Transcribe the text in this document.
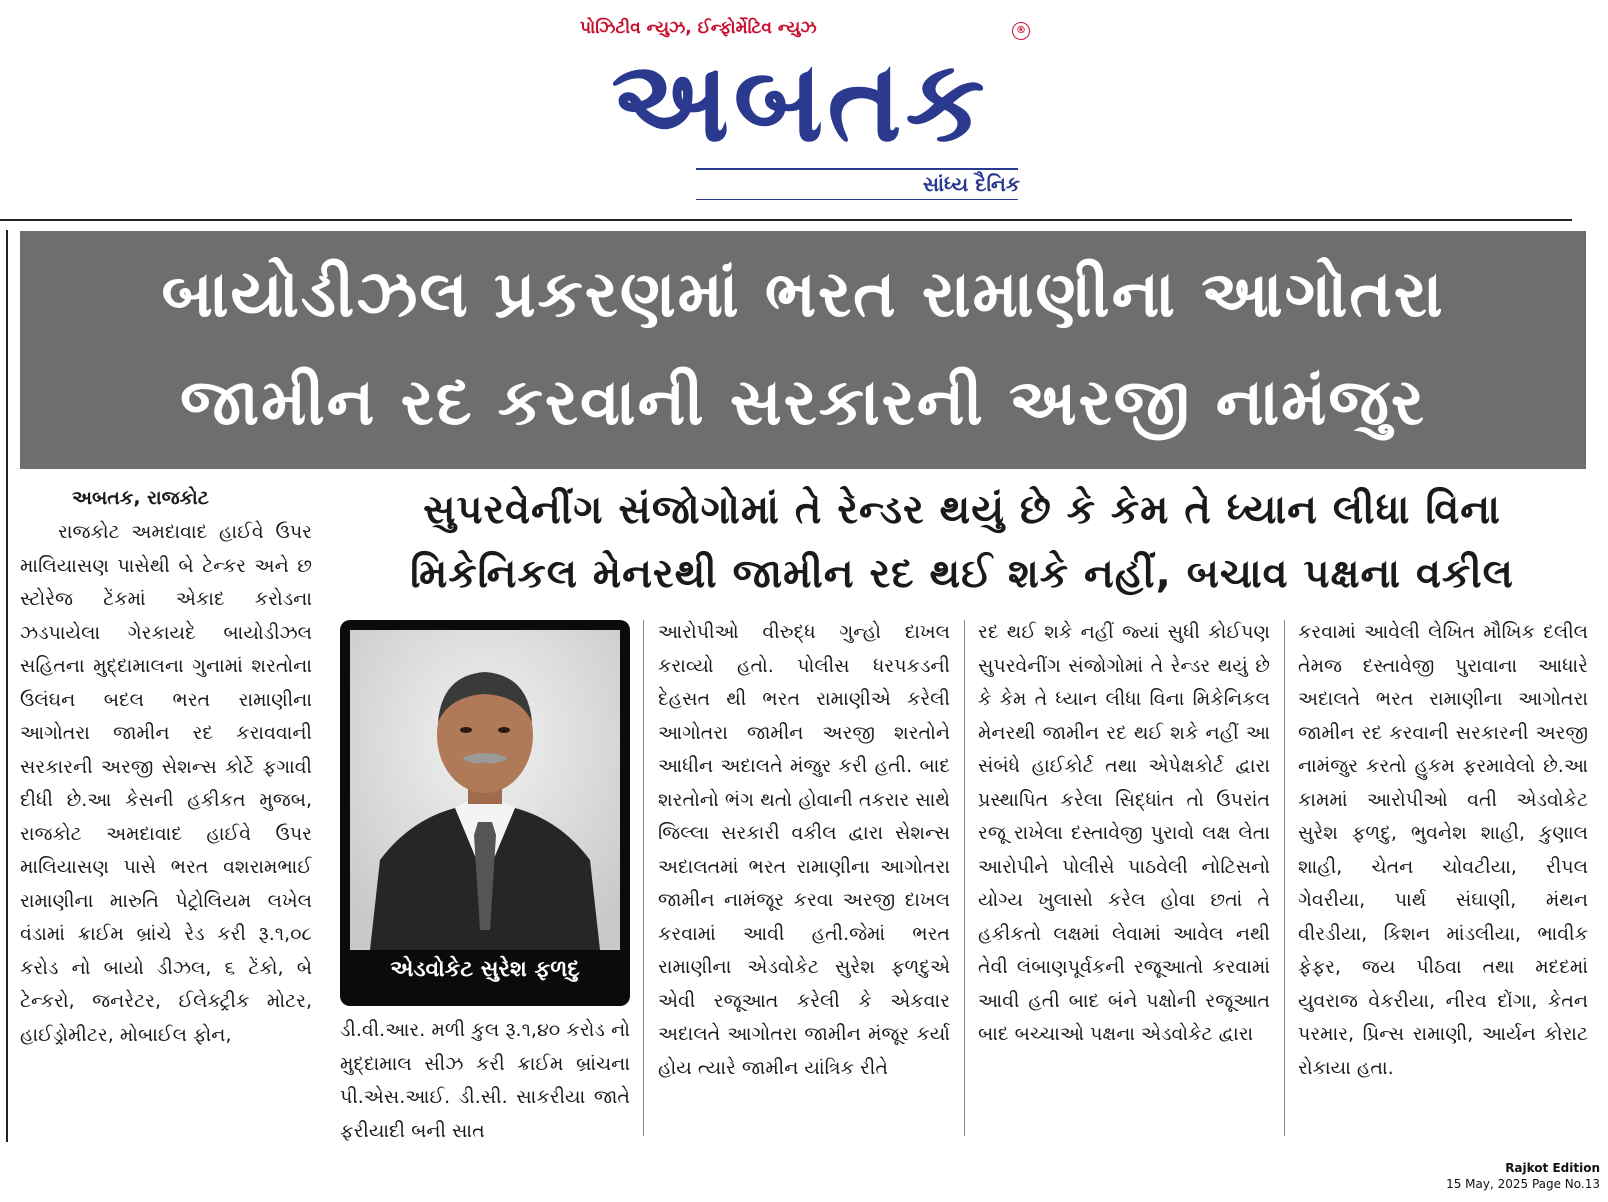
પોઝિટીવ ન્યુઝ, ઈન્ફોર્મેટિવ ન્યુઝ	®
અબતક
સાંધ્ય દૈનિક
બાયોડીઝલ પ્રકરણમાં ભરત રામાણીના આગોતરા
જામીન રદ કરવાની સરકારની અરજી નામંજુર
અબતક, રાજકોટ	સુપરવેનીંગ સંજોગોમાં તે રેન્ડર થયું છે કે કેમ તે ધ્યાન લીધા વિના
મિકેનિકલ મેનરથી જામીન રદ થઈ શકે નહીં, બચાવ પક્ષના વકીલ

રાજકોટ અમદાવાદ હાઈવે ઉપર માલિયાસણ પાસેથી બે ટેન્કર અને છ સ્ટોરેજ ટેંકમાં એકાદ કરોડના ઝડપાયેલા ગેરકાયદે બાયોડીઝલ સહિતના મુદ્દામાલના ગુનામાં શરતોના ઉલંઘન બદલ ભરત રામાણીના આગોતરા જામીન રદ કરાવવાની સરકારની અરજી સેશન્સ કોર્ટે ફગાવી દીધી છે.આ કેસની હકીકત મુજબ, રાજકોટ અમદાવાદ હાઈવે ઉપર માલિયાસણ પાસે ભરત વશરામભાઈ રામાણીના મારુતિ પેટ્રોલિયમ લખેલ વંડામાં ક્રાઈમ બ્રાંચે રેડ કરી રૂ.૧,૦૮ કરોડ નો બાયો ડીઝલ, ૬ ટેંકો, બે ટેન્કરો, જનરેટર, ઈલેક્ટ્રીક મોટર, હાઈડ્રોમીટર, મોબાઈલ ફોન,

એડવોકેટ સુરેશ ફળદુ

ડી.વી.આર. મળી કુલ રૂ.૧,૪૦ કરોડ નો મુદ્દામાલ સીઝ કરી ક્રાઈમ બ્રાંચના પી.એસ.આઈ. ડી.સી. સાકરીયા જાતે ફરીયાદી બની સાત

આરોપીઓ વીરુદ્ધ ગુન્હો દાખલ કરાવ્યો હતો. પોલીસ ધરપકડની દેહસત થી ભરત રામાણીએ કરેલી આગોતરા જામીન અરજી શરતોને આધીન અદાલતે મંજુર કરી હતી. બાદ શરતોનો ભંગ થતો હોવાની તકરાર સાથે જિલ્લા સરકારી વકીલ દ્વારા સેશન્સ અદાલતમાં ભરત રામાણીના આગોતરા જામીન નામંજૂર કરવા અરજી દાખલ કરવામાં આવી હતી.જેમાં ભરત રામાણીના એડવોકેટ સુરેશ ફળદુએ એવી રજૂઆત કરેલી કે એકવાર અદાલતે આગોતરા જામીન મંજૂર કર્યા હોય ત્યારે જામીન યાંત્રિક રીતે

રદ થઈ શકે નહીં જ્યાં સુધી કોઈપણ સુપરવેનીંગ સંજોગોમાં તે રેન્ડર થયું છે કે કેમ તે ધ્યાન લીધા વિના મિકેનિકલ મેનરથી જામીન રદ થઈ શકે નહીં આ સંબંધે હાઈકોર્ટ તથા એપેક્ષકોર્ટ દ્વારા પ્રસ્થાપિત કરેલા સિદ્ધાંત તો ઉપરાંત રજૂ રાખેલા દસ્તાવેજી પુરાવો લક્ષ લેતા આરોપીને પોલીસે પાઠવેલી નોટિસનો યોગ્ય ખુલાસો કરેલ હોવા છતાં તે હકીકતો લક્ષમાં લેવામાં આવેલ નથી તેવી લંબાણપૂર્વકની રજૂઆતો કરવામાં આવી હતી બાદ બંને પક્ષોની રજૂઆત બાદ બચ્ચાઓ પક્ષના એડવોકેટ દ્વારા

કરવામાં આવેલી લેખિત મૌખિક દલીલ તેમજ દસ્તાવેજી પુરાવાના આધારે અદાલતે ભરત રામાણીના આગોતરા જામીન રદ કરવાની સરકારની અરજી નામંજુર કરતો હુકમ ફરમાવેલો છે.આ કામમાં આરોપીઓ વતી એડવોકેટ સુરેશ ફળદુ, ભુવનેશ શાહી, કુણાલ શાહી, ચેતન ચોવટીયા, રીપલ ગેવરીયા, પાર્થ સંઘાણી, મંથન વીરડીયા, કિશન માંડલીયા, ભાવીક ફેફર, જય પીઠવા તથા મદદમાં યુવરાજ વેકરીયા, નીરવ દોંગા, કેતન પરમાર, પ્રિન્સ રામાણી, આર્યન કોરાટ રોકાયા હતા.

Rajkot Edition
15 May, 2025 Page No.13
